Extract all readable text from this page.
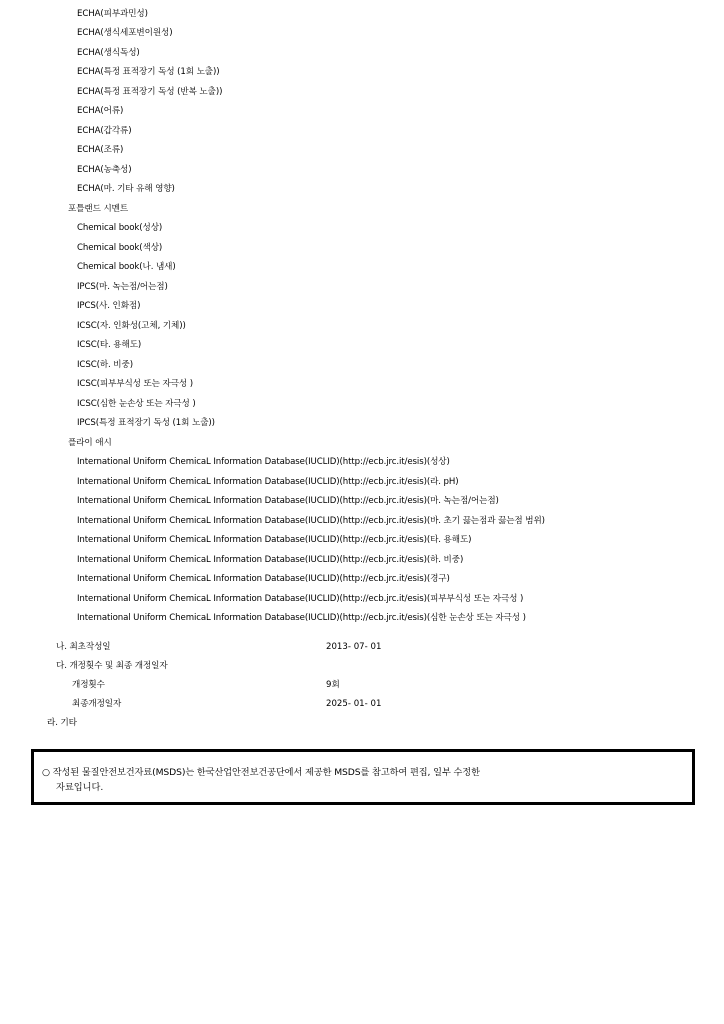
ECHA(피부과민성)
ECHA(생식세포변이원성)
ECHA(생식독성)
ECHA(특정 표적장기 독성 (1회 노출))
ECHA(특정 표적장기 독성 (반복 노출))
ECHA(어류)
ECHA(갑각류)
ECHA(조류)
ECHA(농축성)
ECHA(마. 기타 유해 영향)
포틀랜드 시멘트
Chemical book(성상)
Chemical book(색상)
Chemical book(나. 냄새)
IPCS(마. 녹는점/어는점)
IPCS(사. 인화점)
ICSC(자. 인화성(고체, 기체))
ICSC(타. 용해도)
ICSC(하. 비중)
ICSC(피부부식성 또는 자극성 )
ICSC(심한 눈손상 또는 자극성 )
IPCS(특정 표적장기 독성 (1회 노출))
플라이 애시
International Uniform ChemicaL Information Database(IUCLID)(http://ecb.jrc.it/esis)(성상)
International Uniform ChemicaL Information Database(IUCLID)(http://ecb.jrc.it/esis)(라. pH)
International Uniform ChemicaL Information Database(IUCLID)(http://ecb.jrc.it/esis)(마. 녹는점/어는점)
International Uniform ChemicaL Information Database(IUCLID)(http://ecb.jrc.it/esis)(바. 초기 끓는점과 끓는점 범위)
International Uniform ChemicaL Information Database(IUCLID)(http://ecb.jrc.it/esis)(타. 용해도)
International Uniform ChemicaL Information Database(IUCLID)(http://ecb.jrc.it/esis)(하. 비중)
International Uniform ChemicaL Information Database(IUCLID)(http://ecb.jrc.it/esis)(경구)
International Uniform ChemicaL Information Database(IUCLID)(http://ecb.jrc.it/esis)(피부부식성 또는 자극성 )
International Uniform ChemicaL Information Database(IUCLID)(http://ecb.jrc.it/esis)(심한 눈손상 또는 자극성 )
나. 최초작성일	2013- 07- 01
다. 개정횟수 및 최종 개정일자
개정횟수	9회
최종개정일자	2025- 01- 01
라. 기타
○ 작성된 물질안전보건자료(MSDS)는 한국산업안전보건공단에서 제공한 MSDS를 참고하여 편집, 일부 수정한
자료입니다.
